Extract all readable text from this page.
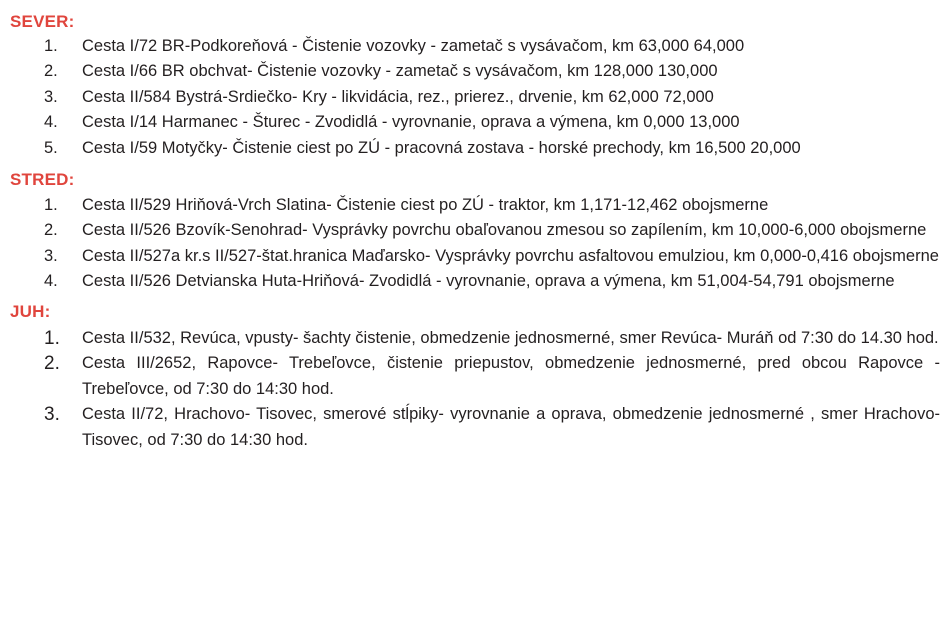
SEVER:
1.	Cesta I/72 BR-Podkoreňová - Čistenie vozovky - zametač s vysávačom, km 63,000 64,000
2.	Cesta I/66 BR obchvat- Čistenie vozovky - zametač s vysávačom, km 128,000 130,000
3.	Cesta II/584 Bystrá-Srdiečko- Kry - likvidácia, rez., prierez., drvenie, km 62,000 72,000
4.	Cesta I/14 Harmanec - Šturec - Zvodidlá - vyrovnanie, oprava a výmena, km 0,000 13,000
5.	Cesta I/59 Motyčky- Čistenie ciest po ZÚ - pracovná zostava - horské prechody, km 16,500 20,000
STRED:
1.	Cesta II/529 Hriňová-Vrch Slatina- Čistenie ciest po ZÚ - traktor, km 1,171-12,462 obojsmerne
2.	Cesta II/526 Bzovík-Senohrad- Vysprávky povrchu obaľovanou zmesou so zapílením, km 10,000-6,000 obojsmerne
3.	Cesta II/527a kr.s II/527-štat.hranica Maďarsko- Vysprávky povrchu asfaltovou emulziou, km 0,000-0,416 obojsmerne
4.	Cesta II/526 Detvianska Huta-Hriňová- Zvodidlá - vyrovnanie, oprava a výmena, km 51,004-54,791 obojsmerne
JUH:
1.	Cesta II/532, Revúca, vpusty- šachty čistenie, obmedzenie jednosmerné, smer Revúca- Muráň od 7:30 do 14.30 hod.
2.	Cesta III/2652, Rapovce- Trebeľovce, čistenie priepustov, obmedzenie jednosmerné, pred obcou Rapovce - Trebeľovce, od 7:30 do 14:30 hod.
3.	Cesta II/72, Hrachovo- Tisovec, smerové stĺpiky- vyrovnanie a oprava, obmedzenie jednosmerné , smer Hrachovo- Tisovec, od 7:30 do 14:30 hod.
